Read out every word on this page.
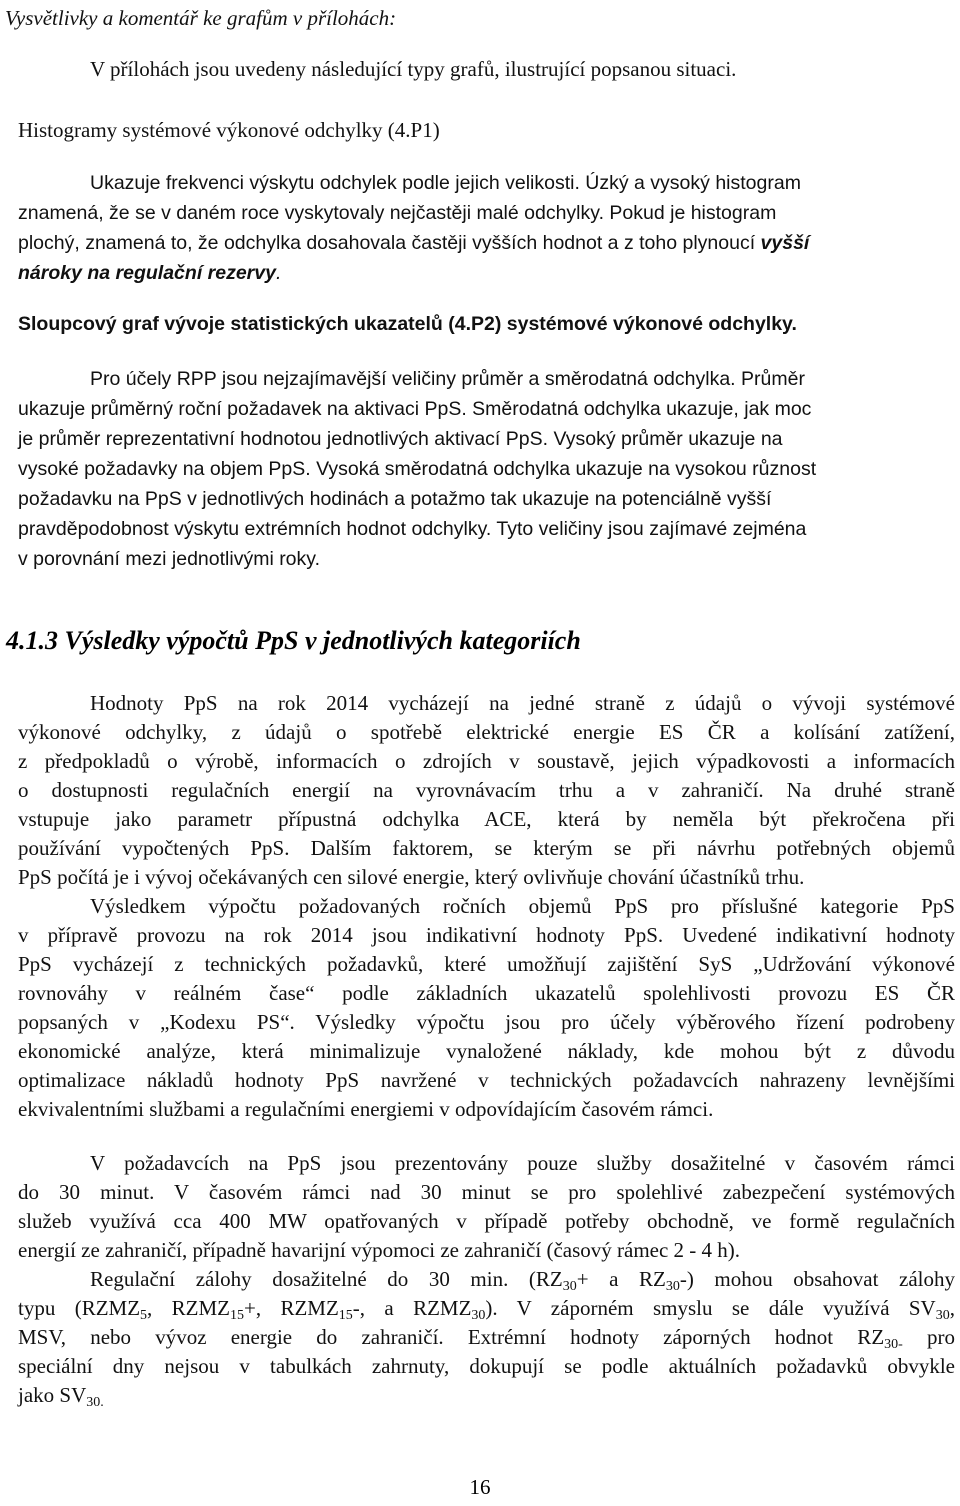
Vysvětlivky a komentář ke grafům v přílohách:
V přílohách jsou uvedeny následující typy grafů, ilustrující popsanou situaci.
Histogramy systémové výkonové odchylky (4.P1)
Ukazuje frekvenci výskytu odchylek podle jejich velikosti. Úzký a vysoký histogram
znamená, že se v daném roce vyskytovaly nejčastěji malé odchylky. Pokud je histogram
plochý, znamená to, že odchylka dosahovala častěji vyšších hodnot a z toho plynoucí vyšší
nároky na regulační rezervy.
Sloupcový graf vývoje statistických ukazatelů (4.P2) systémové výkonové odchylky.
Pro účely RPP jsou nejzajímavější veličiny průměr a směrodatná odchylka. Průměr
ukazuje průměrný roční požadavek na aktivaci PpS. Směrodatná odchylka ukazuje, jak moc
je průměr reprezentativní hodnotou jednotlivých aktivací PpS. Vysoký průměr ukazuje na
vysoké požadavky na objem PpS. Vysoká směrodatná odchylka ukazuje na vysokou různost
požadavku na PpS v jednotlivých hodinách a potažmo tak ukazuje na potenciálně vyšší
pravděpodobnost výskytu extrémních hodnot odchylky. Tyto veličiny jsou zajímavé zejména
v porovnání mezi jednotlivými roky.
4.1.3 Výsledky výpočtů PpS v jednotlivých kategoriích
Hodnoty PpS na rok 2014 vycházejí na jedné straně z údajů o vývoji systémové
výkonové odchylky, z údajů o spotřebě elektrické energie ES ČR a kolísání zatížení,
z předpokladů o výrobě, informacích o zdrojích v soustavě, jejich výpadkovosti a informacích
o dostupnosti regulačních energií na vyrovnávacím trhu a v zahraničí. Na druhé straně
vstupuje jako parametr přípustná odchylka ACE, která by neměla být překročena při
používání vypočtených PpS. Dalším faktorem, se kterým se při návrhu potřebných objemů
PpS počítá je i vývoj očekávaných cen silové energie, který ovlivňuje chování účastníků trhu.
Výsledkem výpočtu požadovaných ročních objemů PpS pro příslušné kategorie PpS
v přípravě provozu na rok 2014 jsou indikativní hodnoty PpS. Uvedené indikativní hodnoty
PpS vycházejí z technických požadavků, které umožňují zajištění SyS „Udržování výkonové
rovnováhy v reálném čase“ podle základních ukazatelů spolehlivosti provozu ES ČR
popsaných v „Kodexu PS“. Výsledky výpočtu jsou pro účely výběrového řízení podrobeny
ekonomické analýze, která minimalizuje vynaložené náklady, kde mohou být z důvodu
optimalizace nákladů hodnoty PpS navržené v technických požadavcích nahrazeny levnějšími
ekvivalentními službami a regulačními energiemi v odpovídajícím časovém rámci.
V požadavcích na PpS jsou prezentovány pouze služby dosažitelné v časovém rámci
do 30 minut. V časovém rámci nad 30 minut se pro spolehlivé zabezpečení systémových
služeb využívá cca 400 MW opatřovaných v případě potřeby obchodně, ve formě regulačních
energií ze zahraničí, případně havarijní výpomoci ze zahraničí (časový rámec 2 - 4 h).
Regulační zálohy dosažitelné do 30 min. ($RZ_{30}+ a$ $RZ_{30}-$) mohou obsahovat zálohy
typu ($RZMZ_5$, $RZMZ_{15}+$, $RZMZ_{15}-$, a $RZMZ_{30}$). V záporném smyslu se dále využívá $SV_{30}$,
MSV, nebo vývoz energie do zahraničí. Extrémní hodnoty záporných hodnot $RZ_{30-}$ pro
speciální dny nejsou v tabulkách zahrnuty, dokupují se podle aktuálních požadavků obvykle
jako $SV_{30.}$
16
